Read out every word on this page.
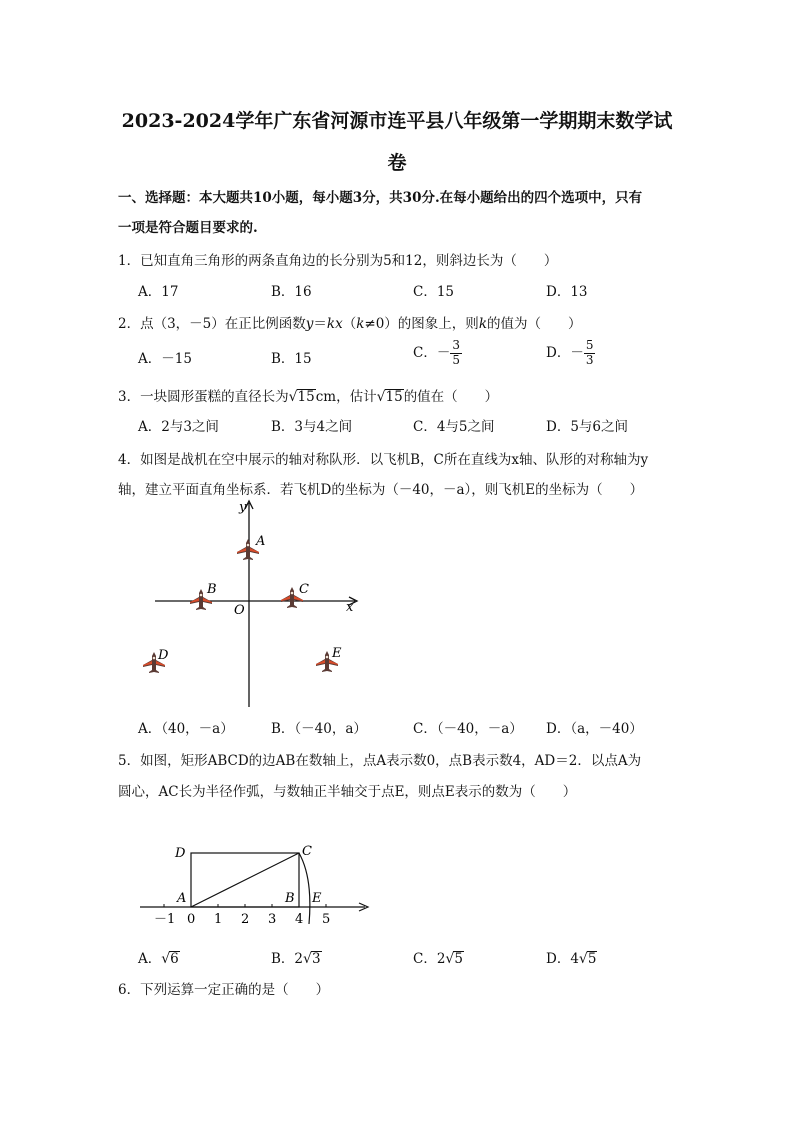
2023-2024学年广东省河源市连平县八年级第一学期期末数学试
卷
一、选择题：本大题共10小题，每小题3分，共30分.在每小题给出的四个选项中，只有
一项是符合题目要求的.
1．已知直角三角形的两条直角边的长分别为5和12，则斜边长为（　　）
A．17	B．16	C．15	D．13
2．点（3，－5）在正比例函数y＝kx（k≠0）的图象上，则k的值为（　　）
A．－15	B．15	C．－ $\frac{3}{5}$	D．－ $\frac{5}{3}$
3．一块圆形蛋糕的直径长为√15cm，估计√15的值在（　　）
A．2与3之间	B．3与4之间	C．4与5之间	D．5与6之间
4．如图是战机在空中展示的轴对称队形．以飞机B，C所在直线为x轴、队形的对称轴为y
轴，建立平面直角坐标系．若飞机D的坐标为（－40，－a），则飞机E的坐标为（　　）
y
x
O
A
B	C
D	E
A．（40，－a）	B．（－40，a）	C．（－40，－a） D．（a，－40）
5．如图，矩形ABCD的边AB在数轴上，点A表示数0，点B表示数4，AD＝2．以点A为
圆心，AC长为半径作弧，与数轴正半轴交于点E，则点E表示的数为（　　）
D	C
A	B E
－1 0 1 2 3 4 5
A．√6	B．2√3	C．2√5	D．4√5
6．下列运算一定正确的是（　　）
